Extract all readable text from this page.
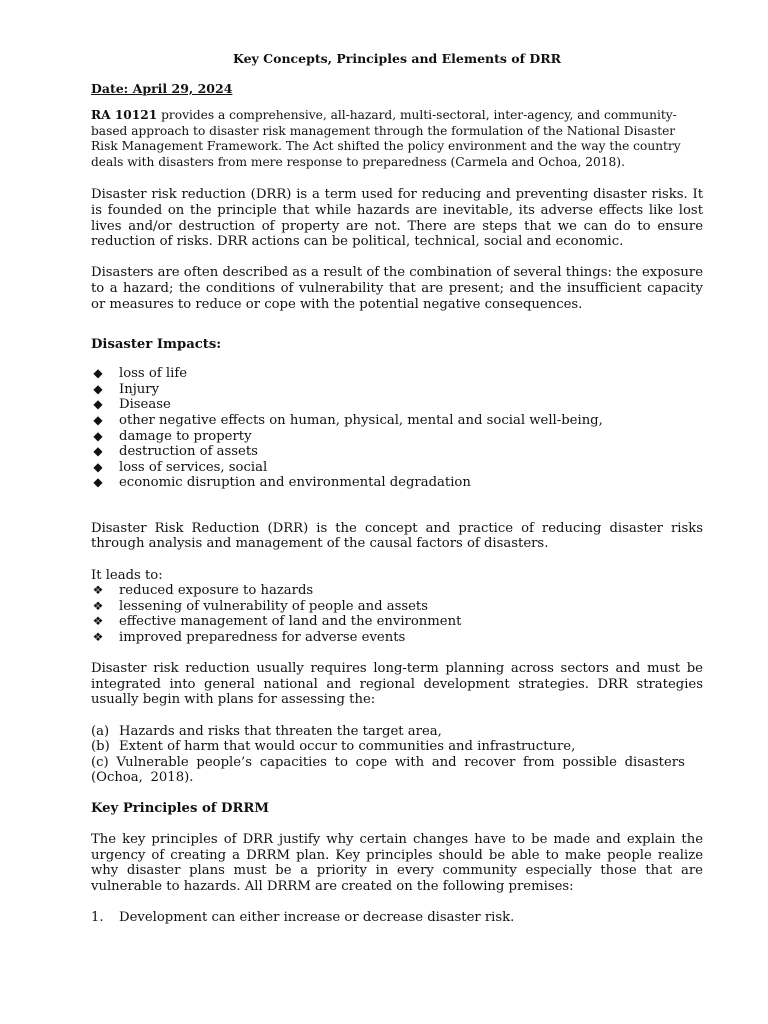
Key Concepts, Principles and Elements of DRR
Date: April 29, 2024

RA 10121 provides a comprehensive, all-hazard, multi-sectoral, inter-agency, and community-based approach to disaster risk management through the formulation of the National Disaster Risk Management Framework. The Act shifted the policy environment and the way the country deals with disasters from mere response to preparedness (Carmela and Ochoa, 2018).

Disaster risk reduction (DRR) is a term used for reducing and preventing disaster risks. It is founded on the principle that while hazards are inevitable, its adverse effects like lost lives and/or destruction of property are not. There are steps that we can do to ensure reduction of risks. DRR actions can be political, technical, social and economic.

Disasters are often described as a result of the combination of several things: the exposure to a hazard; the conditions of vulnerability that are present; and the insufficient capacity or measures to reduce or cope with the potential negative consequences.

Disaster Impacts:
◆ loss of life
◆ Injury
◆ Disease
◆ other negative effects on human, physical, mental and social well-being,
◆ damage to property
◆ destruction of assets
◆ loss of services, social
◆ economic disruption and environmental degradation

Disaster Risk Reduction (DRR) is the concept and practice of reducing disaster risks through analysis and management of the causal factors of disasters.

It leads to:

❖ reduced exposure to hazards
❖ lessening of vulnerability of people and assets
❖ effective management of land and the environment
❖ improved preparedness for adverse events

Disaster risk reduction usually requires long-term planning across sectors and must be integrated into general national and regional development strategies. DRR strategies usually begin with plans for assessing the:

(a) Hazards and risks that threaten the target area,

(b) Extent of harm that would occur to communities and infrastructure,

(c) Vulnerable people’s capacities to cope with and recover from possible disasters (Ochoa, 2018).

Key Principles of DRRM

The key principles of DRR justify why certain changes have to be made and explain the urgency of creating a DRRM plan. Key principles should be able to make people realize why disaster plans must be a priority in every community especially those that are vulnerable to hazards. All DRRM are created on the following premises:

1. Development can either increase or decrease disaster risk.
